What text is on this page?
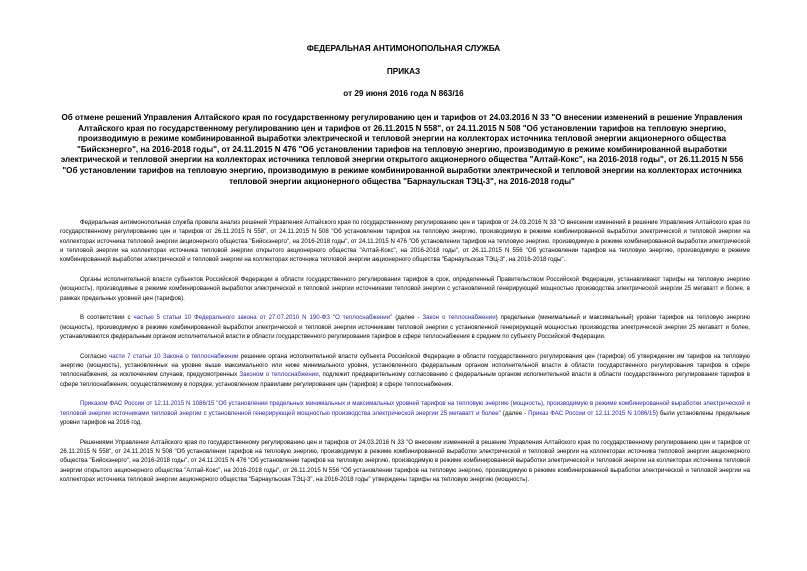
ФЕДЕРАЛЬНАЯ АНТИМОНОПОЛЬНАЯ СЛУЖБА
ПРИКАЗ
от 29 июня 2016 года N 863/16
Об отмене решений Управления Алтайского края по государственному регулированию цен и тарифов от 24.03.2016 N 33 "О внесении изменений в решение Управления Алтайского края по государственному регулированию цен и тарифов от 26.11.2015 N 558", от 24.11.2015 N 508 "Об установлении тарифов на тепловую энергию, производимую в режиме комбинированной выработки электрической и тепловой энергии на коллекторах источника тепловой энергии акционерного общества "Бийскэнерго", на 2016-2018 годы", от 24.11.2015 N 476 "Об установлении тарифов на тепловую энергию, производимую в режиме комбинированной выработки электрической и тепловой энергии на коллекторах источника тепловой энергии открытого акционерного общества "Алтай-Кокс", на 2016-2018 годы", от 26.11.2015 N 556 "Об установлении тарифов на тепловую энергию, производимую в режиме комбинированной выработки электрической и тепловой энергии на коллекторах источника тепловой энергии акционерного общества "Барнаульская ТЭЦ-3", на 2016-2018 годы"

Федеральная антимонопольная служба провела анализ решений Управления Алтайского края по государственному регулированию цен и тарифов от 24.03.2016 N 33 "О внесении изменений в решение Управления Алтайского края по государственному регулированию цен и тарифов от 26.11.2015 N 558", от 24.11.2015 N 508 "Об установлении тарифов на тепловую энергию, производимую в режиме комбинированной выработки электрической и тепловой энергии на коллекторах источника тепловой энергии акционерного общества "Бийскэнерго", на 2016-2018 годы", от 24.11.2015 N 476 "Об установлении тарифов на тепловую энергию, производимую в режиме комбинированной выработки электрической и тепловой энергии на коллекторах источника тепловой энергии открытого акционерного общества "Алтай-Кокс", на 2016-2018 годы", от 26.11.2015 N 556 "Об установлении тарифов на тепловую энергию, производимую в режиме комбинированной выработки электрической и тепловой энергии на коллекторах источника тепловой энергии акционерного общества "Барнаульская ТЭЦ-3", на 2016-2018 годы".

Органы исполнительной власти субъектов Российской Федерации в области государственного регулирования тарифов в срок, определенный Правительством Российской Федерации, устанавливают тарифы на тепловую энергию (мощность), производимые в режиме комбинированной выработки электрической и тепловой энергии источниками тепловой энергии с установленной генерирующей мощностью производства электрической энергии 25 мегаватт и более, в рамках предельных уровней цен (тарифов).

В соответствии с частью 5 статьи 10 Федерального закона от 27.07.2010 N 190-ФЗ "О теплоснабжении" (далее - Закон о теплоснабжении) предельные (минимальный и максимальный) уровни тарифов на тепловую энергию (мощность), производимую в режиме комбинированной выработки электрической и тепловой энергии источниками тепловой энергии с установленной генерирующей мощностью производства электрической энергии 25 мегаватт и более, устанавливаются федеральным органом исполнительной власти в области государственного регулирования тарифов в сфере теплоснабжения в среднем по субъекту Российской Федерации.

Согласно части 7 статьи 10 Закона о теплоснабжении решение органа исполнительной власти субъекта Российской Федерации в области государственного регулирования цен (тарифов) об утверждении им тарифов на тепловую энергию (мощность), установленных на уровне выше максимального или ниже минимального уровня, установленного федеральным органом исполнительной власти в области государственного регулирования тарифов в сфере теплоснабжения, за исключением случаев, предусмотренных Законом о теплоснабжении, подлежит предварительному согласованию с федеральным органом исполнительной власти в области государственного регулирования тарифов в сфере теплоснабжения, осуществляемому в порядке, установленном правилами регулирования цен (тарифов) в сфере теплоснабжения.

Приказом ФАС России от 12.11.2015 N 1086/15 "Об установлении предельных минимальных и максимальных уровней тарифов на тепловую энергию (мощность), производимую в режиме комбинированной выработки электрической и тепловой энергии источниками тепловой энергии с установленной генерирующей мощностью производства электрической энергии 25 мегаватт и более" (далее - Приказ ФАС России от 12.11.2015 N 1086/15) были установлены предельные уровни тарифов на 2016 год.

Решениями Управления Алтайского края по государственному регулированию цен и тарифов от 24.03.2016 N 33 "О внесении изменений в решение Управления Алтайского края по государственному регулированию цен и тарифов от 26.11.2015 N 558", от 24.11.2015 N 508 "Об установлении тарифов на тепловую энергию, производимую в режиме комбинированной выработки электрической и тепловой энергии на коллекторах источника тепловой энергии акционерного общества "Бийскэнерго", на 2016-2018 годы", от 24.11.2015 N 476 "Об установлении тарифов на тепловую энергию, производимую в режиме комбинированной выработки электрической и тепловой энергии на коллекторах источника тепловой энергии открытого акционерного общества "Алтай-Кокс", на 2016-2018 годы", от 26.11.2015 N 556 "Об установлении тарифов на тепловую энергию, производимую в режиме комбинированной выработки электрической и тепловой энергии на коллекторах источника тепловой энергии акционерного общества "Барнаульская ТЭЦ-3", на 2016-2018 годы" утверждены тарифы на тепловую энергию (мощность).
